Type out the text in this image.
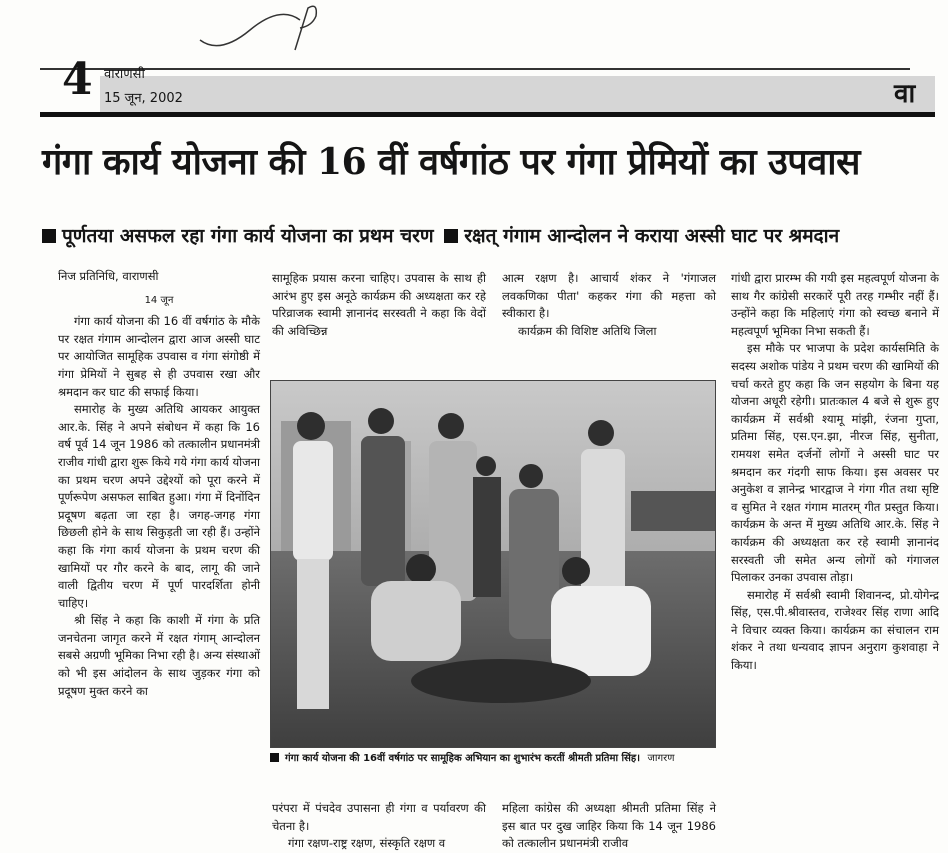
4 वाराणसी
15 जून, 2002	वा
गंगा कार्य योजना की 16 वीं वर्षगांठ पर गंगा प्रेमियों का उपवास
पूर्णतया असफल रहा गंगा कार्य योजना का प्रथम चरण रक्षत् गंगाम आन्दोलन ने कराया अस्सी घाट पर श्रमदान
निज प्रतिनिधि, वाराणसी
14 जून

गंगा कार्य योजना की 16 वीं वर्षगांठ के मौके पर रक्षत गंगाम आन्दोलन द्वारा आज अस्सी घाट पर आयोजित सामूहिक उपवास व गंगा संगोष्ठी में गंगा प्रेमियों ने सुबह से ही उपवास रखा और श्रमदान कर घाट की सफाई किया।

समारोह के मुख्य अतिथि आयकर आयुक्त आर.के. सिंह ने अपने संबोधन में कहा कि 16 वर्ष पूर्व 14 जून 1986 को तत्कालीन प्रधानमंत्री राजीव गांधी द्वारा शुरू किये गये गंगा कार्य योजना का प्रथम चरण अपने उद्देश्यों को पूरा करने में पूर्णरूपेण असफल साबित हुआ। गंगा में दिनोंदिन प्रदूषण बढ़ता जा रहा है। जगह-जगह गंगा छिछली होने के साथ सिकुड़ती जा रही हैं। उन्होंने कहा कि गंगा कार्य योजना के प्रथम चरण की खामियों पर गौर करने के बाद, लागू की जाने वाली द्वितीय चरण में पूर्ण पारदर्शिता होनी चाहिए।

श्री सिंह ने कहा कि काशी में गंगा के प्रति जनचेतना जागृत करने में रक्षत गंगाम् आन्दोलन सबसे अग्रणी भूमिका निभा रही है। अन्य संस्थाओं को भी इस आंदोलन के साथ जुड़कर गंगा को प्रदूषण मुक्त करने का

सामूहिक प्रयास करना चाहिए। उपवास के साथ ही आरंभ हुए इस अनूठे कार्यक्रम की अध्यक्षता कर रहे परिव्राजक स्वामी ज्ञानानंद सरस्वती ने कहा कि वेदों की अविच्छिन्न

आत्म रक्षण है। आचार्य शंकर ने 'गंगाजल लवकणिका पीता' कहकर गंगा की महत्ता को स्वीकारा है।

कार्यक्रम की विशिष्ट अतिथि जिला

गांधी द्वारा प्रारम्भ की गयी इस महत्वपूर्ण योजना के साथ गैर कांग्रेसी सरकारें पूरी तरह गम्भीर नहीं हैं। उन्होंने कहा कि महिलाएं गंगा को स्वच्छ बनाने में महत्वपूर्ण भूमिका निभा सकती हैं।

इस मौके पर भाजपा के प्रदेश कार्यसमिति के सदस्य अशोक पांडेय ने प्रथम चरण की खामियों की चर्चा करते हुए कहा कि जन सहयोग के बिना यह योजना अधूरी रहेगी। प्रातःकाल 4 बजे से शुरू हुए कार्यक्रम में सर्वश्री श्यामू मांझी, रंजना गुप्ता, प्रतिमा सिंह, एस.एन.झा, नीरज सिंह, सुनीता, रामयश समेत दर्जनों लोगों ने अस्सी घाट पर श्रमदान कर गंदगी साफ किया। इस अवसर पर अनुकेश व ज्ञानेन्द्र भारद्वाज ने गंगा गीत तथा सृष्टि व सुमित ने रक्षत गंगाम मातरम् गीत प्रस्तुत किया। कार्यक्रम के अन्त में मुख्य अतिथि आर.के. सिंह ने कार्यक्रम की अध्यक्षता कर रहे स्वामी ज्ञानानंद सरस्वती जी समेत अन्य लोगों को गंगाजल पिलाकर उनका उपवास तोड़ा।

समारोह में सर्वश्री स्वामी शिवानन्द, प्रो.योगेन्द्र सिंह, एस.पी.श्रीवास्तव, राजेश्वर सिंह राणा आदि ने विचार व्यक्त किया। कार्यक्रम का संचालन राम शंकर ने तथा धन्यवाद ज्ञापन अनुराग कुशवाहा ने किया।

गंगा कार्य योजना की 16वीं वर्षगांठ पर सामूहिक अभियान का शुभारंभ करतीं श्रीमती प्रतिमा सिंह। जागरण

परंपरा में पंचदेव उपासना ही गंगा व पर्यावरण की चेतना है।

गंगा रक्षण-राष्ट्र रक्षण, संस्कृति रक्षण व

महिला कांग्रेस की अध्यक्षा श्रीमती प्रतिमा सिंह ने इस बात पर दुख जाहिर किया कि 14 जून 1986 को तत्कालीन प्रधानमंत्री राजीव
